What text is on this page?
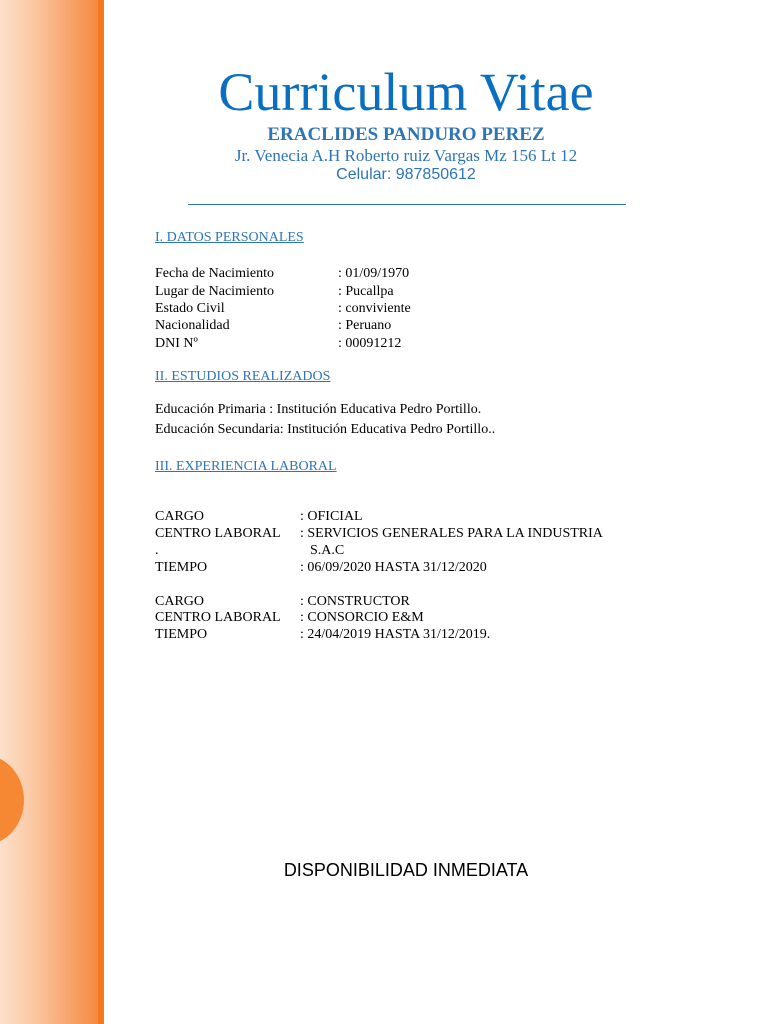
Curriculum Vitae
ERACLIDES PANDURO PEREZ
Jr. Venecia A.H Roberto ruiz Vargas Mz 156 Lt 12
Celular: 987850612
I. DATOS PERSONALES
Fecha de Nacimiento	: 01/09/1970
Lugar de Nacimiento	: Pucallpa
Estado Civil	: conviviente
Nacionalidad	: Peruano
DNI Nº	: 00091212
II. ESTUDIOS REALIZADOS
Educación Primaria : Institución Educativa Pedro Portillo.
Educación Secundaria: Institución Educativa Pedro Portillo..
III. EXPERIENCIA LABORAL
CARGO	: OFICIAL
CENTRO LABORAL : SERVICIOS GENERALES PARA LA INDUSTRIA
.	S.A.C
TIEMPO	: 06/09/2020 HASTA 31/12/2020
CARGO	: CONSTRUCTOR
CENTRO LABORAL : CONSORCIO E&M
TIEMPO	: 24/04/2019 HASTA 31/12/2019.
DISPONIBILIDAD INMEDIATA
